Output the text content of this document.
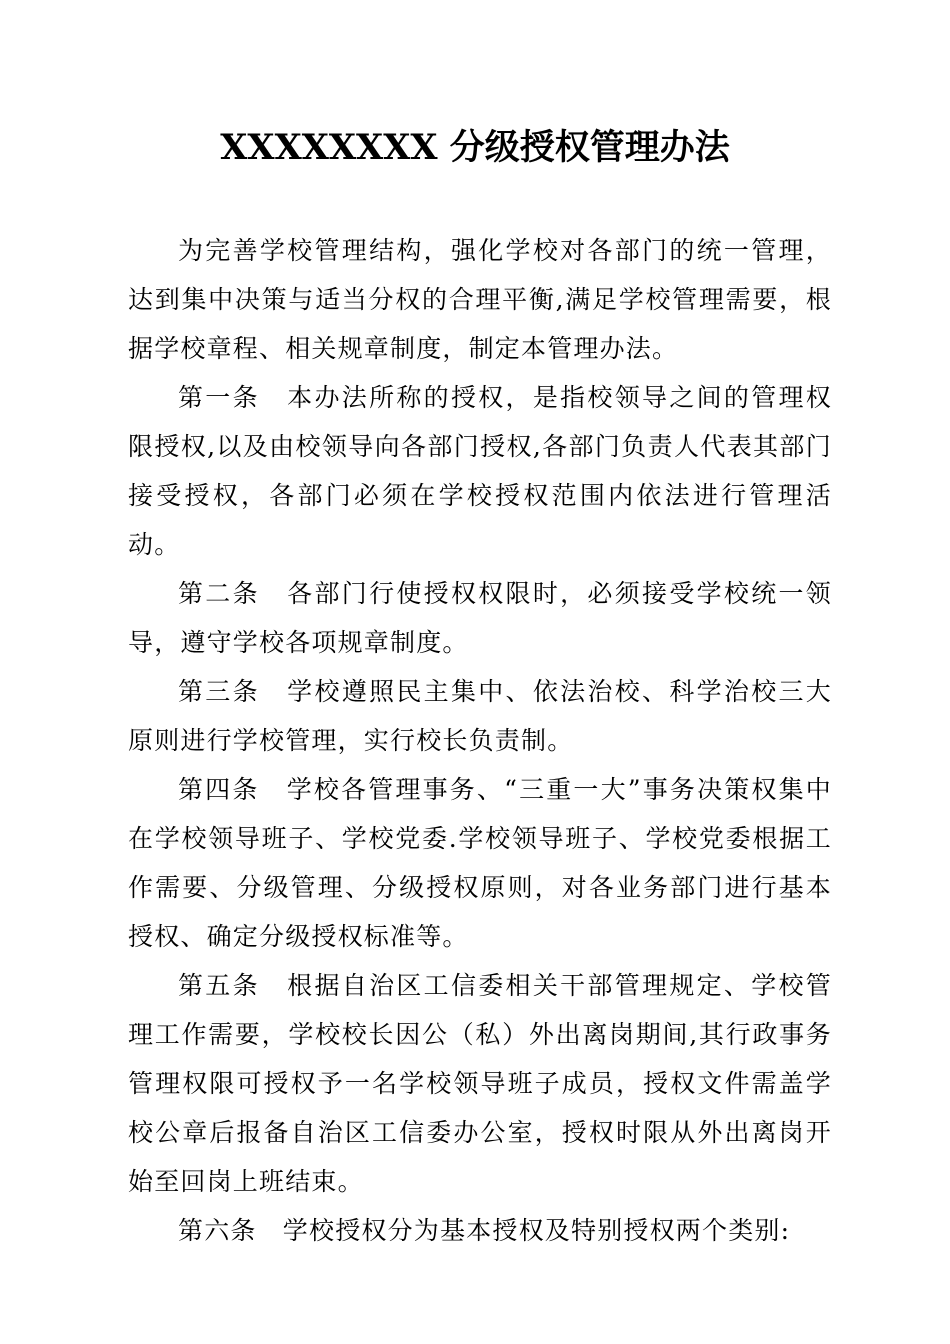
XXXXXXXX 分级授权管理办法

为完善学校管理结构，强化学校对各部门的统一管理，达到集中决策与适当分权的合理平衡,满足学校管理需要，根据学校章程、相关规章制度，制定本管理办法。

第一条　本办法所称的授权，是指校领导之间的管理权限授权,以及由校领导向各部门授权,各部门负责人代表其部门接受授权，各部门必须在学校授权范围内依法进行管理活动。

第二条　各部门行使授权权限时，必须接受学校统一领导，遵守学校各项规章制度。

第三条　学校遵照民主集中、依法治校、科学治校三大原则进行学校管理，实行校长负责制。

第四条　学校各管理事务、“三重一大”事务决策权集中在学校领导班子、学校党委.学校领导班子、学校党委根据工作需要、分级管理、分级授权原则，对各业务部门进行基本授权、确定分级授权标准等。

第五条　根据自治区工信委相关干部管理规定、学校管理工作需要，学校校长因公（私）外出离岗期间,其行政事务管理权限可授权予一名学校领导班子成员，授权文件需盖学校公章后报备自治区工信委办公室，授权时限从外出离岗开始至回岗上班结束。

第六条　学校授权分为基本授权及特别授权两个类别:
